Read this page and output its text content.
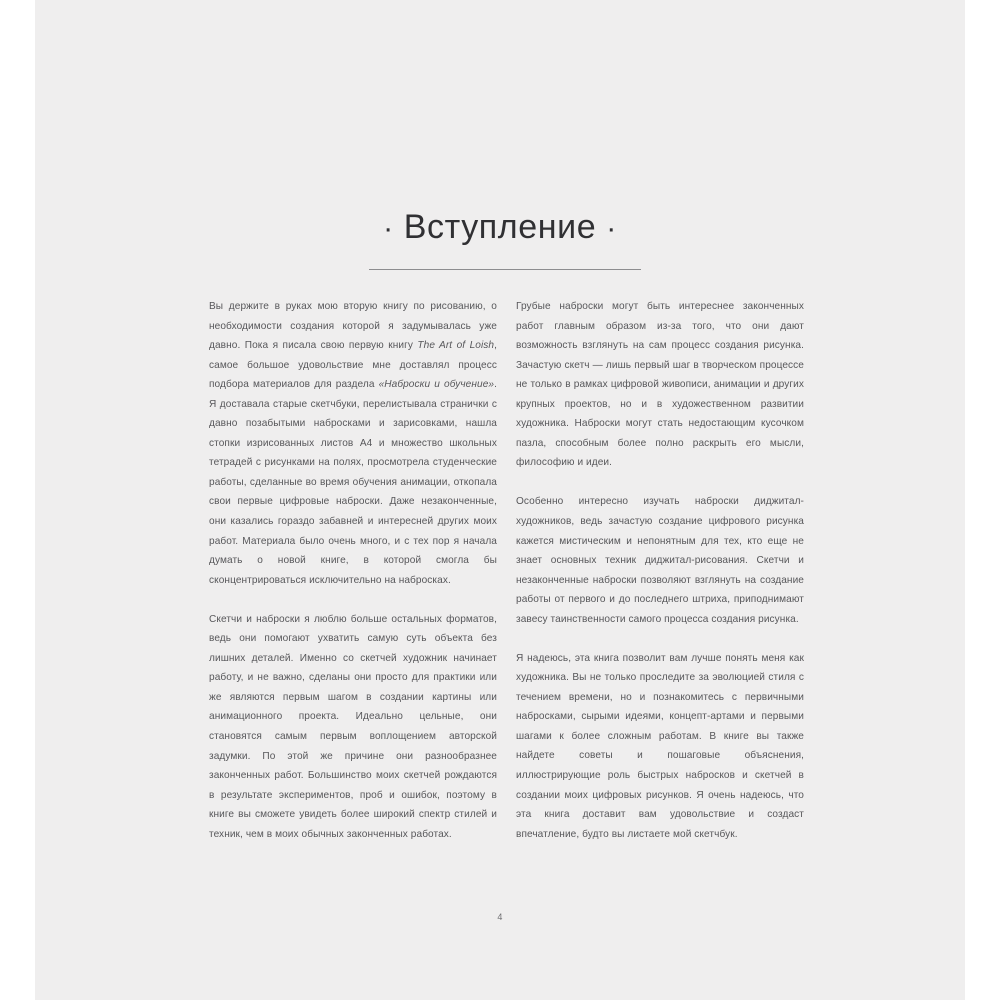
· Вступление ·

Вы держите в руках мою вторую книгу по рисованию, о необходимости создания которой я задумывалась уже давно. Пока я писала свою первую книгу The Art of Loish, самое большое удовольствие мне доставлял процесс подбора материалов для раздела «Наброски и обучение». Я доставала старые скетчбуки, перелистывала странички с давно позабытыми набросками и зарисовками, нашла стопки изрисованных листов А4 и множество школьных тетрадей с рисунками на полях, просмотрела студенческие работы, сделанные во время обучения анимации, откопала свои первые цифровые наброски. Даже незаконченные, они казались гораздо забавней и интересней других моих работ. Материала было очень много, и с тех пор я начала думать о новой книге, в которой смогла бы сконцентрироваться исключительно на набросках.

Скетчи и наброски я люблю больше остальных форматов, ведь они помогают ухватить самую суть объекта без лишних деталей. Именно со скетчей художник начинает работу, и не важно, сделаны они просто для практики или же являются первым шагом в создании картины или анимационного проекта. Идеально цельные, они становятся самым первым воплощением авторской задумки. По этой же причине они разнообразнее законченных работ. Большинство моих скетчей рождаются в результате экспериментов, проб и ошибок, поэтому в книге вы сможете увидеть более широкий спектр стилей и техник, чем в моих обычных законченных работах.

Грубые наброски могут быть интереснее законченных работ главным образом из-за того, что они дают возможность взглянуть на сам процесс создания рисунка. Зачастую скетч — лишь первый шаг в творческом процессе не только в рамках цифровой живописи, анимации и других крупных проектов, но и в художественном развитии художника. Наброски могут стать недостающим кусочком пазла, способным более полно раскрыть его мысли, философию и идеи.

Особенно интересно изучать наброски диджитал-художников, ведь зачастую создание цифрового рисунка кажется мистическим и непонятным для тех, кто еще не знает основных техник диджитал-рисования. Скетчи и незаконченные наброски позволяют взглянуть на создание работы от первого и до последнего штриха, приподнимают завесу таинственности самого процесса создания рисунка.

Я надеюсь, эта книга позволит вам лучше понять меня как художника. Вы не только проследите за эволюцией стиля с течением времени, но и познакомитесь с первичными набросками, сырыми идеями, концепт-артами и первыми шагами к более сложным работам. В книге вы также найдете советы и пошаговые объяснения, иллюстрирующие роль быстрых набросков и скетчей в создании моих цифровых рисунков. Я очень надеюсь, что эта книга доставит вам удовольствие и создаст впечатление, будто вы листаете мой скетчбук.

4
